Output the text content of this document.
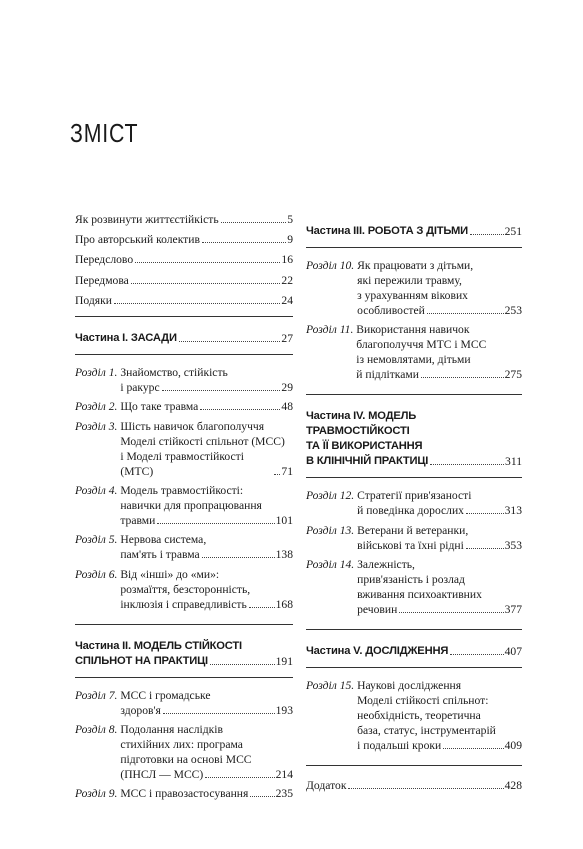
ЗМІСТ
Як розвинути життєстійкість	5
Про авторський колектив	9
Передслово	16
Передмова	22
Подяки	24
Частина I. ЗАСАДИ	27
Розділ 1.
Знайомство, стійкість
і ракурс	29
Розділ 2.
Що таке травма	48
Розділ 3.
Шість навичок благополуччя
Моделі стійкості спільнот (МСС)
і Моделі травмостійкості (МТС)	71
Розділ 4.
Модель травмостійкості:
навички для пропрацювання
травми	101
Розділ 5.
Нервова система,
пам'ять і травма	138
Розділ 6.
Від «інші» до «ми»:
розмаїття, безсторонність,
інклюзія і справедливість 168
Частина II. МОДЕЛЬ СТІЙКОСТІ
СПІЛЬНОТ НА ПРАКТИЦІ	191
Розділ 7.
МСС і громадське
здоров'я	193
Розділ 8.
Подолання наслідків
стихійних лих: програма
підготовки на основі МСС
(ПНСЛ — МСС)	214
Розділ 9.
МСС і правозастосування 235
Частина III. РОБОТА З ДІТЬМИ	251
Розділ 10.
Як працювати з дітьми,
які пережили травму,
з урахуванням вікових
особливостей	253
Розділ 11.
Використання навичок
благополуччя МТС і МСС
із немовлятами, дітьми
й підлітками	275
Частина IV. МОДЕЛЬ
ТРАВМОСТІЙКОСТІ
ТА ЇЇ ВИКОРИСТАННЯ
В КЛІНІЧНІЙ ПРАКТИЦІ	311
Розділ 12.
Стратегії прив'язаності
й поведінка дорослих	313
Розділ 13.
Ветерани й ветеранки,
військові та їхні рідні	353
Розділ 14.
Залежність,
прив'язаність і розлад
вживання психоактивних
речовин	377
Частина V. ДОСЛІДЖЕННЯ	407
Розділ 15.
Наукові дослідження
Моделі стійкості спільнот:
необхідність, теоретична
база, статус, інструментарій
і подальші кроки	409
Додаток	428
